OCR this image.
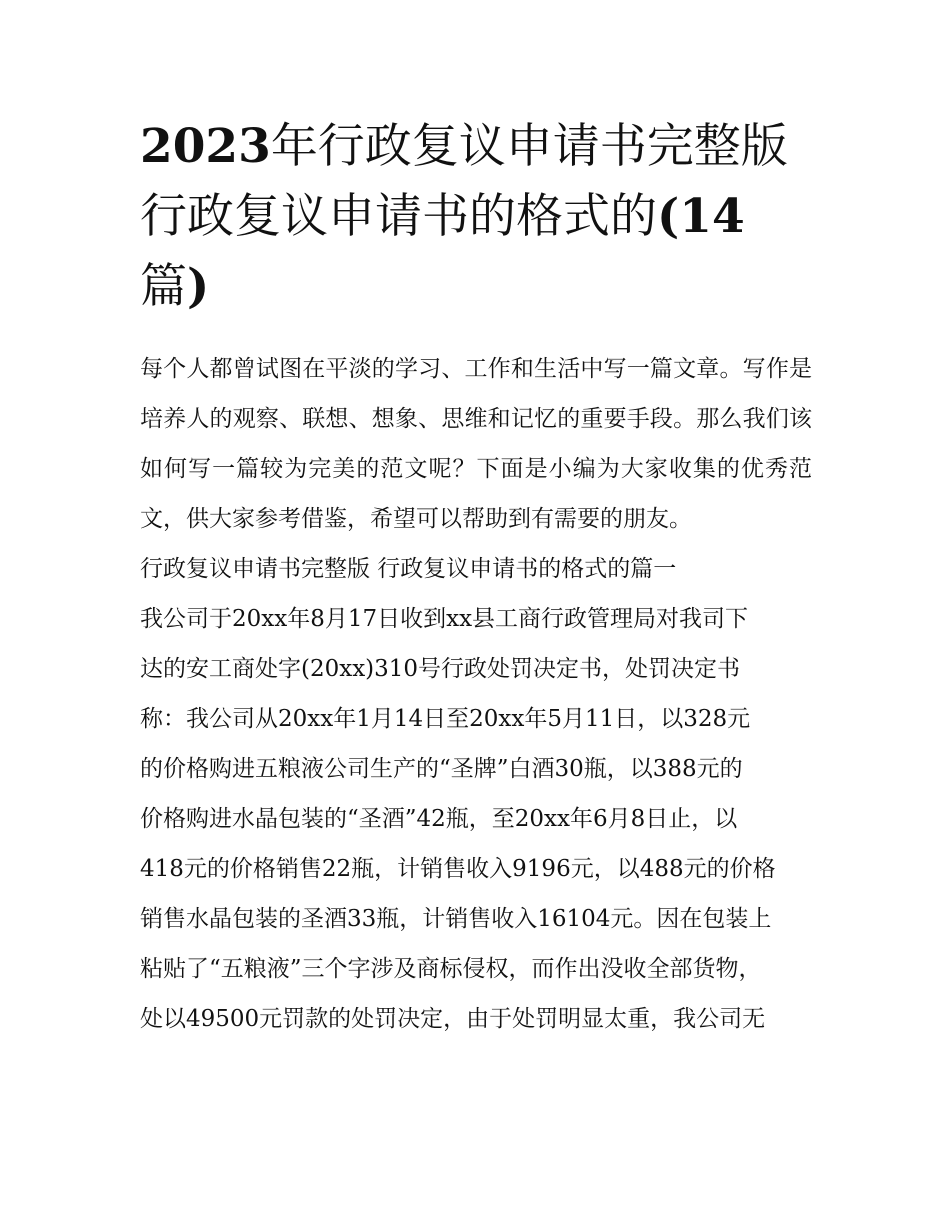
2023年行政复议申请书完整版
行政复议申请书的格式的(14
篇)

每个人都曾试图在平淡的学习、工作和生活中写一篇文章。写作是培养人的观察、联想、想象、思维和记忆的重要手段。那么我们该如何写一篇较为完美的范文呢？下面是小编为大家收集的优秀范文，供大家参考借鉴，希望可以帮助到有需要的朋友。

行政复议申请书完整版 行政复议申请书的格式的篇一

我公司于20xx年8月17日收到xx县工商行政管理局对我司下

达的安工商处字(20xx)310号行政处罚决定书，处罚决定书

称：我公司从20xx年1月14日至20xx年5月11日，以328元

的价格购进五粮液公司生产的“圣牌”白酒30瓶，以388元的

价格购进水晶包装的“圣酒”42瓶，至20xx年6月8日止，以

418元的价格销售22瓶，计销售收入9196元，以488元的价格

销售水晶包装的圣酒33瓶，计销售收入16104元。因在包装上

粘贴了“五粮液”三个字涉及商标侵权，而作出没收全部货物，

处以49500元罚款的处罚决定，由于处罚明显太重，我公司无
